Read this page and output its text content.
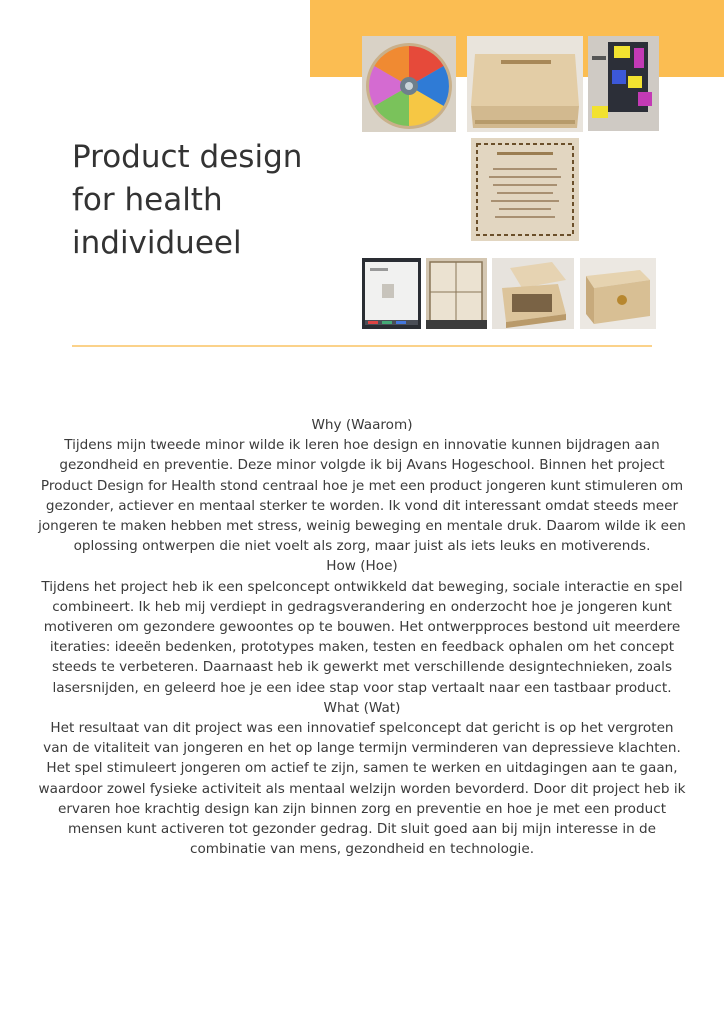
Product design
for health
individueel

Why (Waarom)

Tijdens mijn tweede minor wilde ik leren hoe design en innovatie kunnen bijdragen aan gezondheid en preventie. Deze minor volgde ik bij Avans Hogeschool. Binnen het project Product Design for Health stond centraal hoe je met een product jongeren kunt stimuleren om gezonder, actiever en mentaal sterker te worden. Ik vond dit interessant omdat steeds meer jongeren te maken hebben met stress, weinig beweging en mentale druk. Daarom wilde ik een oplossing ontwerpen die niet voelt als zorg, maar juist als iets leuks en motiverends.

How (Hoe)

Tijdens het project heb ik een spelconcept ontwikkeld dat beweging, sociale interactie en spel combineert. Ik heb mij verdiept in gedragsverandering en onderzocht hoe je jongeren kunt motiveren om gezondere gewoontes op te bouwen. Het ontwerpproces bestond uit meerdere iteraties: ideeën bedenken, prototypes maken, testen en feedback ophalen om het concept steeds te verbeteren. Daarnaast heb ik gewerkt met verschillende designtechnieken, zoals lasersnijden, en geleerd hoe je een idee stap voor stap vertaalt naar een tastbaar product.

What (Wat)

Het resultaat van dit project was een innovatief spelconcept dat gericht is op het vergroten van de vitaliteit van jongeren en het op lange termijn verminderen van depressieve klachten. Het spel stimuleert jongeren om actief te zijn, samen te werken en uitdagingen aan te gaan, waardoor zowel fysieke activiteit als mentaal welzijn worden bevorderd. Door dit project heb ik ervaren hoe krachtig design kan zijn binnen zorg en preventie en hoe je met een product mensen kunt activeren tot gezonder gedrag. Dit sluit goed aan bij mijn interesse in de combinatie van mens, gezondheid en technologie.
